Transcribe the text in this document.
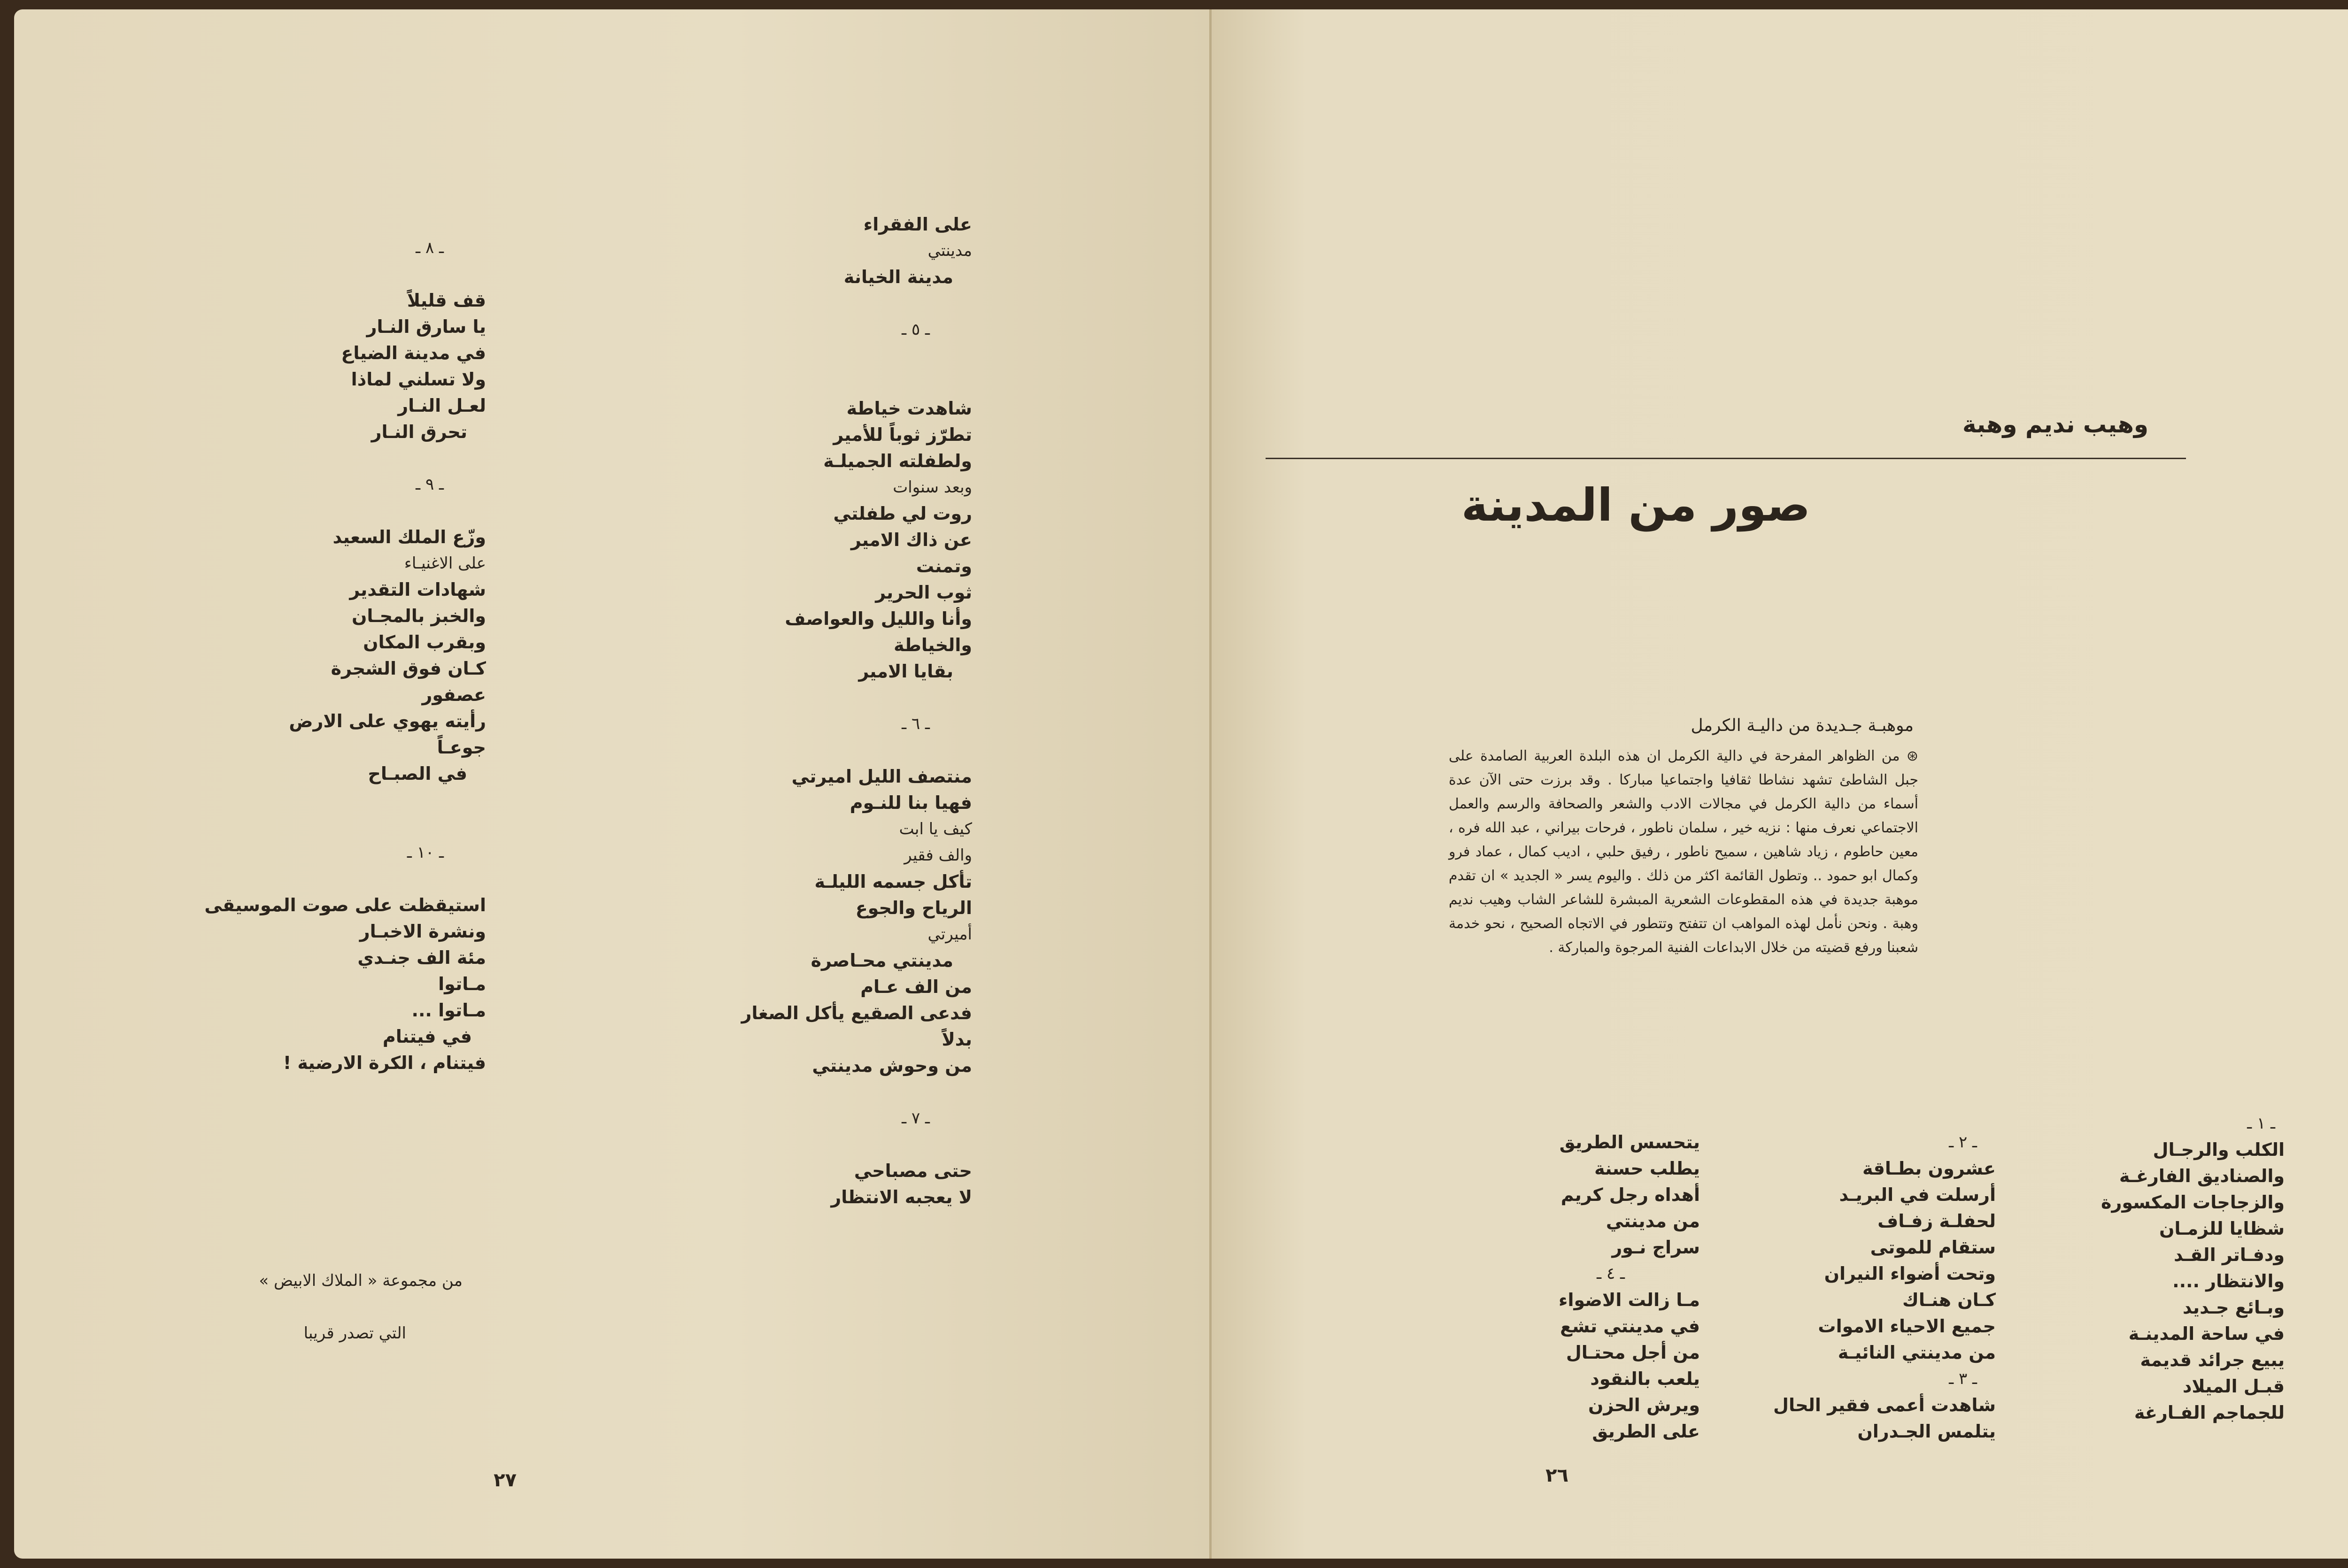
على الفقراء
مدينتي
مدينة الخيانة
ـ ٥ ـ
شاهدت خياطة
تطرّز ثوباً للأمير
ولطفلته الجميلـة
وبعد سنوات
روت لي طفلتي
عن ذاك الامير
وتمنت
ثوب الحرير
وأنا والليل والعواصف
والخياطة
بقايا الامير
ـ ٦ ـ
منتصف الليل اميرتي
فهيا بنا للنـوم
كيف يا ابت
والف فقير
تأكل جسمه الليلـة
الرياح والجوع
أميرتي
مدينتي محـاصرة
من الف عـام
فدعى الصقيع يأكل الصغار
بدلاً
من وحوش مدينتي
ـ ٧ ـ
حتى مصباحي
لا يعجبه الانتظار
ـ ٨ ـ
قف قليلاً
يا سارق النـار
في مدينة الضياع
ولا تسلني لماذا
لعـل النـار
تحرق النـار
ـ ٩ ـ
وزّع الملك السعيد
على الاغنيـاء
شهادات التقدير
والخبز بالمجـان
وبقرب المكان
كـان فوق الشجرة
عصفور
رأيته يهوي على الارض
جوعـاً
في الصبـاح
ـ ١٠ ـ
استيقظت على صوت الموسيقى
ونشرة الاخبـار
مئة الف جنـدي
مـاتوا
مـاتوا ...
في فيتنام
فيتنام ، الكرة الارضية !
من مجموعة « الملاك الابيض »
التي تصدر قريبا
٢٧
وهيب نديم وهبة
صور من المدينة
موهبـة جـديدة من داليـة الكرمل
⊛ من الظواهر المفرحة في دالية الكرمل ان هذه البلدة العربية الصامدة على جبل الشاطئ تشهد نشاطا ثقافيا واجتماعيا مباركا . وقد برزت حتى الآن عدة أسماء من دالية الكرمل في مجالات الادب والشعر والصحافة والرسم والعمل الاجتماعي نعرف منها : نزيه خير ، سلمان ناطور ، فرحات بيراني ، عبد الله فره ، معين حاطوم ، زياد شاهين ، سميح ناطور ، رفيق حلبي ، اديب كمال ، عماد فرو وكمال ابو حمود .. وتطول القائمة اكثر من ذلك . واليوم يسر « الجديد » ان تقدم موهبة جديدة في هذه المقطوعات الشعرية المبشرة للشاعر الشاب وهيب نديم وهبة . ونحن نأمل لهذه المواهب ان تتفتح وتتطور في الاتجاه الصحيح ، نحو خدمة شعبنا ورفع قضيته من خلال الابداعات الفنية المرجوة والمباركة .
ـ ١ ـ
الكلب والرجـال
والصناديق الفارغـة
والزجاجات المكسورة
شظايا للزمـان
ودفـاتر القـد
والانتظار ....
وبـائع جـديد
في ساحة المدينـة
يبيع جرائد قديمة
قبـل الميلاد
للجماجم الفـارغة
ـ ٢ ـ
عشرون بطـاقة
أرسلت في البريـد
لحفلـة زفـاف
ستقام للموتى
وتحت أضواء النيران
كـان هنـاك
جميع الاحياء الاموات
من مدينتي النائيـة
ـ ٣ ـ
شاهدت أعمى فقير الحال
يتلمس الجـدران
يتحسس الطريق
يطلب حسنة
أهداه رجل كريم
من مدينتي
سراج نـور
ـ ٤ ـ
مـا زالت الاضواء
في مدينتي تشع
من أجل محتـال
يلعب بالنقود
ويرش الحزن
على الطريق
٢٦
